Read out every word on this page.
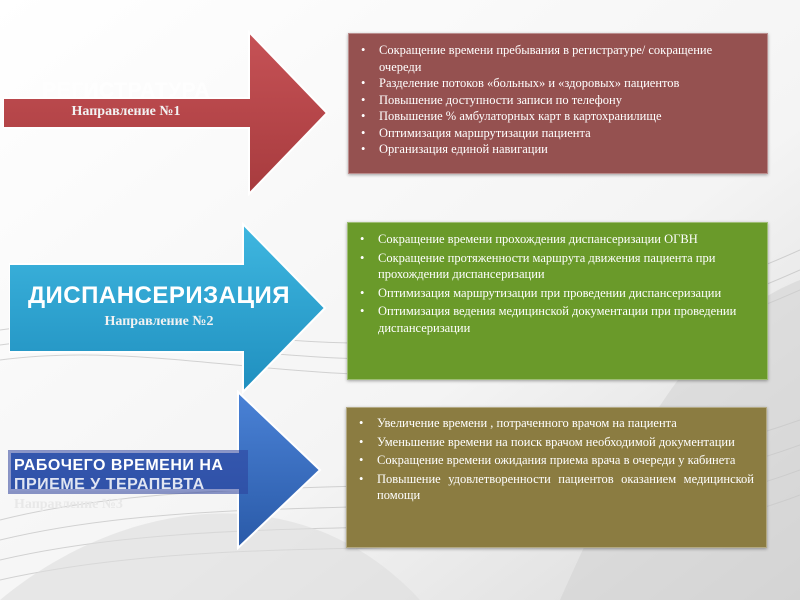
РЕГИСТРАТУРА
Направление №1
• Сокращение времени пребывания в регистратуре/ сокращение очереди
• Разделение потоков «больных» и «здоровых» пациентов
• Повышение доступности записи по телефону
• Повышение % амбулаторных карт в картохранилище
• Оптимизация маршрутизации пациента
• Организация единой навигации
ДИСПАНСЕРИЗАЦИЯ
Направление №2
• Сокращение времени прохождения диспансеризации ОГВН
• Сокращение протяженности маршрута движения пациента при прохождении диспансеризации
• Оптимизация маршрутизации при проведении диспансеризации
• Оптимизация ведения медицинской документации при проведении диспансеризации
РАБОЧЕГО ВРЕМЕНИ НА
ПРИЕМЕ У ТЕРАПЕВТА
Направление №3
• Увеличение времени , потраченного врачом на пациента
• Уменьшение времени на поиск врачом необходимой документации
• Сокращение времени ожидания приема врача в очереди у кабинета
• Повышение удовлетворенности пациентов оказанием медицинской помощи
